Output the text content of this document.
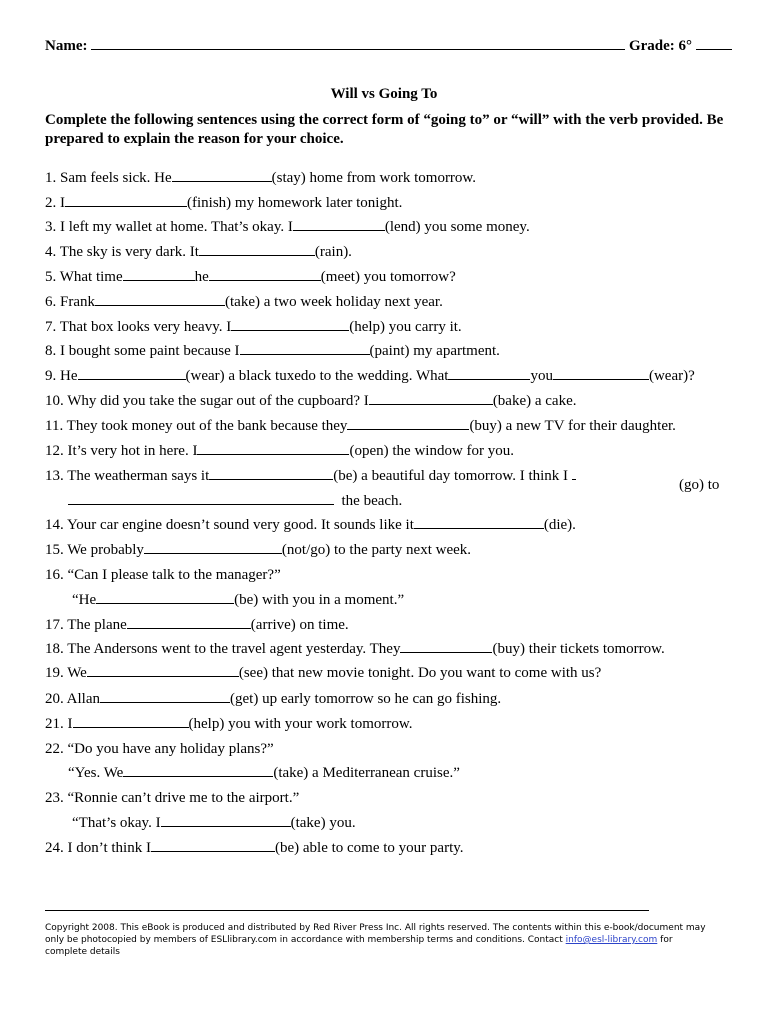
Name:	Grade: 6°
Will vs Going To
Complete the following sentences using the correct form of “going to” or “will” with the verb provided. Be prepared to explain the reason for your choice.
1. Sam feels sick. He	(stay) home from work tomorrow.
2. I	(finish) my homework later tonight.
3. I left my wallet at home. That’s okay. I	(lend) you some money.
4. The sky is very dark. It	(rain).
5. What time	he	(meet) you tomorrow?
6. Frank	(take) a two week holiday next year.
7. That box looks very heavy. I	(help) you carry it.
8. I bought some paint because I	(paint) my apartment.
9. He	(wear) a black tuxedo to the wedding. What	you	(wear)?
10. Why did you take the sugar out of the cupboard? I	(bake) a cake.
11. They took money out of the bank because they	(buy) a new TV for their daughter.
12. It’s very hot in here. I	(open) the window for you.
13. The weatherman says it	(be) a beautiful day tomorrow. I think I
(go) to
the beach.
14. Your car engine doesn’t sound very good. It sounds like it	(die).
15. We probably	(not/go) to the party next week.
16. “Can I please talk to the manager?”
“He	(be) with you in a moment.”
17. The plane	(arrive) on time.
18. The Andersons went to the travel agent yesterday. They	(buy) their tickets tomorrow.
19. We	(see) that new movie tonight. Do you want to come with us?
20. Allan	(get) up early tomorrow so he can go fishing.
21. I	(help) you with your work tomorrow.
22. “Do you have any holiday plans?”
“Yes. We	(take) a Mediterranean cruise.”
23. “Ronnie can’t drive me to the airport.”
“That’s okay. I	(take) you.
24. I don’t think I	(be) able to come to your party.
Copyright 2008. This eBook is produced and distributed by Red River Press Inc. All rights reserved. The contents within this e-book/document may only be photocopied by members of ESLlibrary.com in accordance with membership terms and conditions. Contact info@esl-library.com for complete details
